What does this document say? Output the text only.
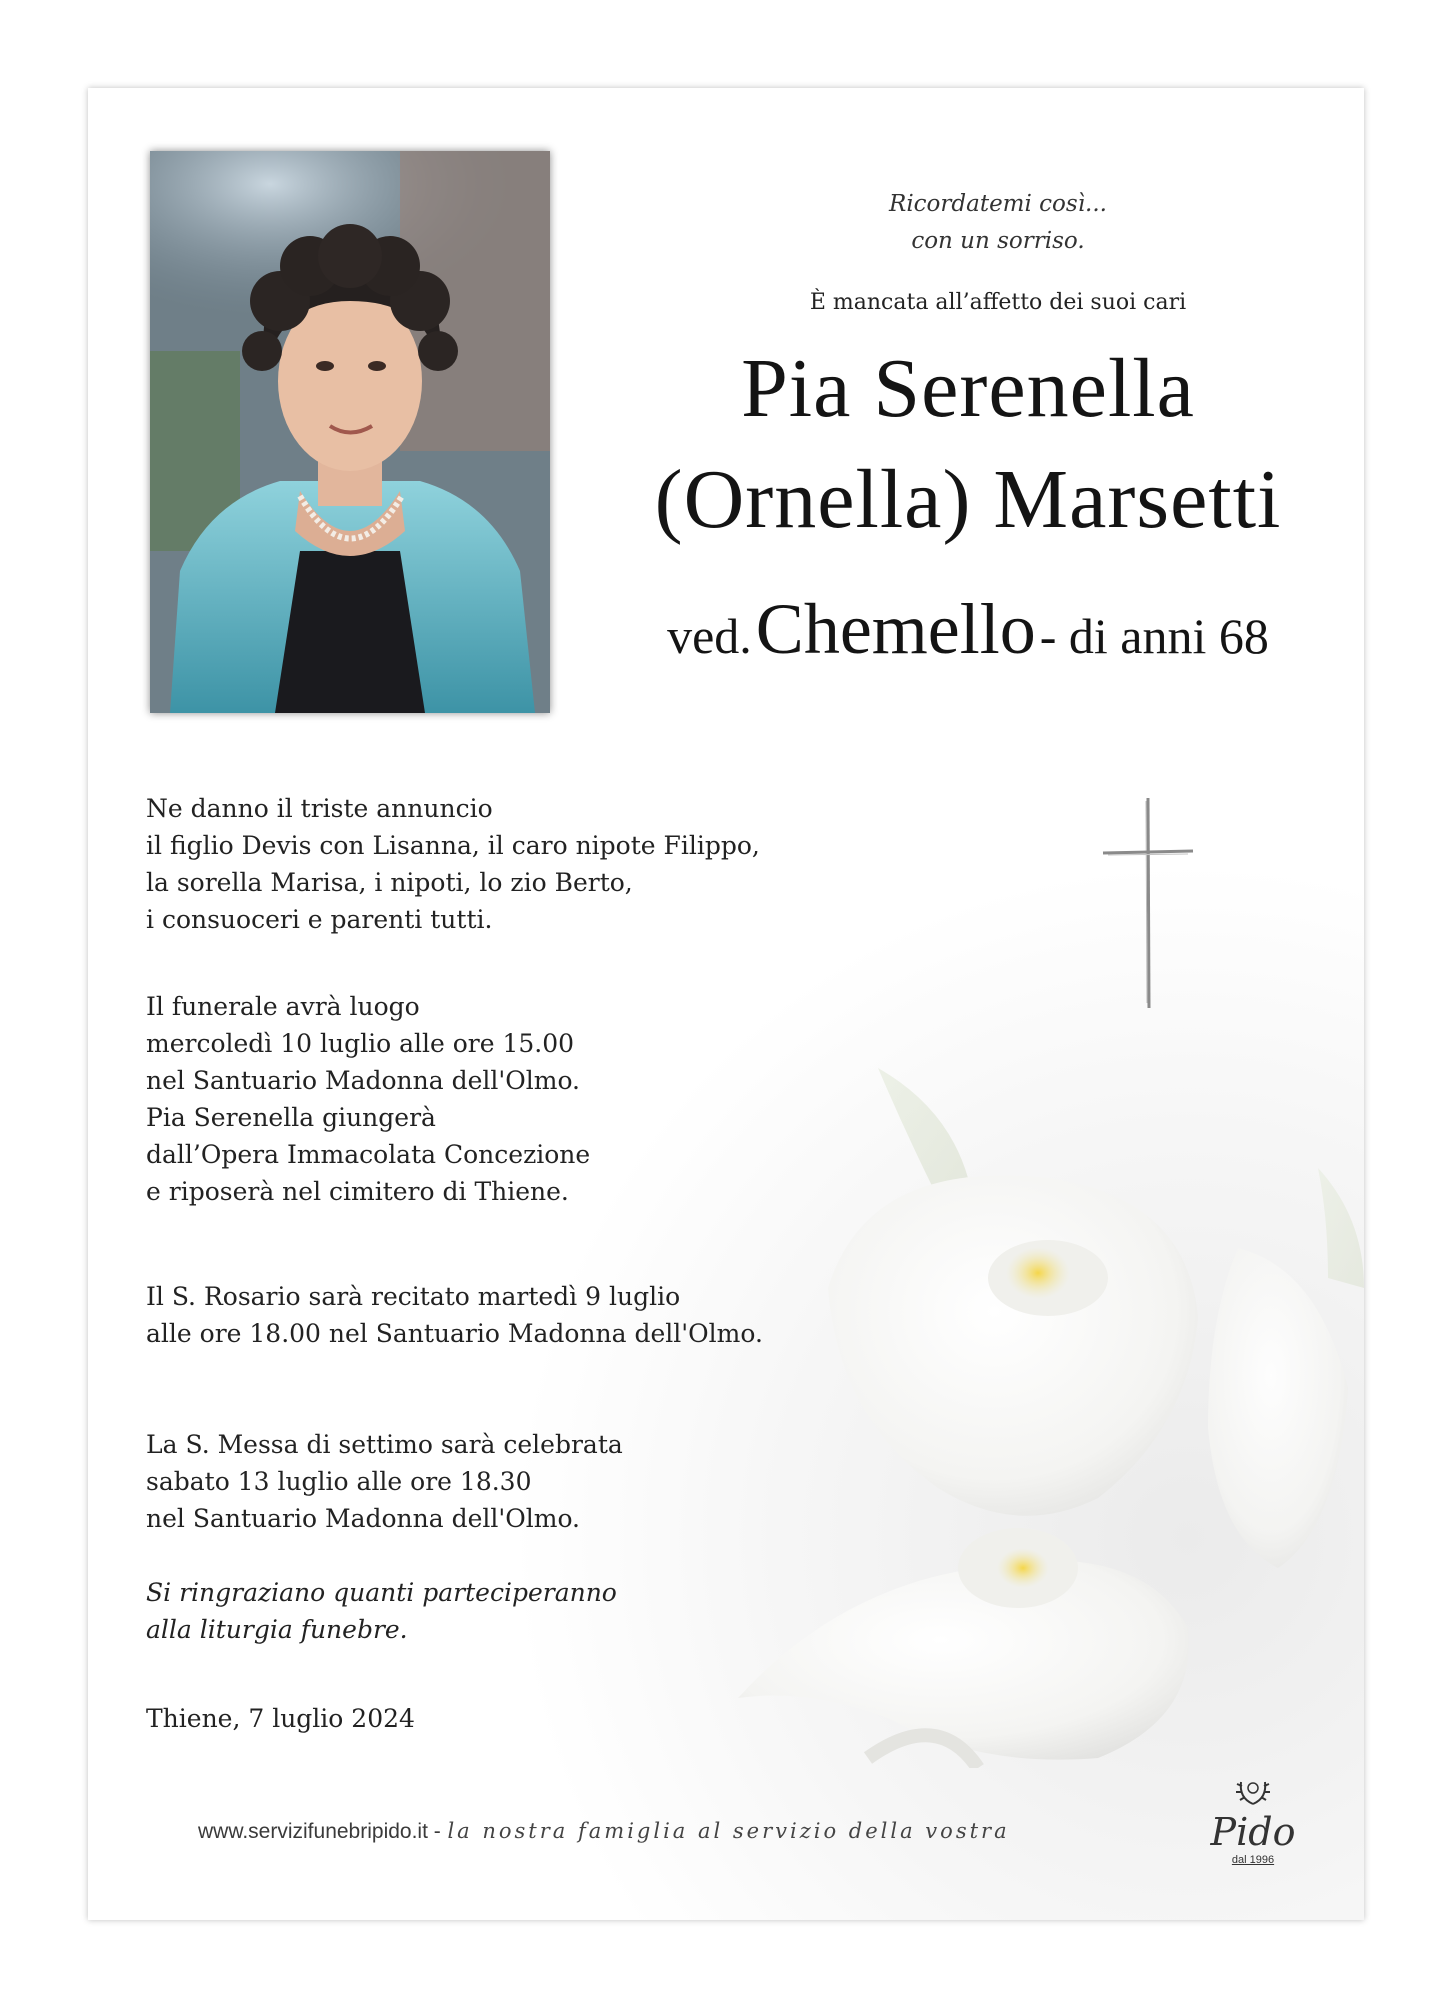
Ricordatemi così...
con un sorriso.
È mancata all’affetto dei suoi cari
Pia Serenella
(Ornella) Marsetti
ved. Chemello - di anni 68
Ne danno il triste annuncio
il figlio Devis con Lisanna, il caro nipote Filippo,
la sorella Marisa, i nipoti, lo zio Berto,
i consuoceri e parenti tutti.
Il funerale avrà luogo
mercoledì 10 luglio alle ore 15.00
nel Santuario Madonna dell'Olmo.
Pia Serenella giungerà
dall’Opera Immacolata Concezione
e riposerà nel cimitero di Thiene.
Il S. Rosario sarà recitato martedì 9 luglio
alle ore 18.00 nel Santuario Madonna dell'Olmo.
La S. Messa di settimo sarà celebrata
sabato 13 luglio alle ore 18.30
nel Santuario Madonna dell'Olmo.
Si ringraziano quanti parteciperanno
alla liturgia funebre.
Thiene, 7 luglio 2024
www.servizifunebripido.it - la nostra famiglia al servizio della vostra	Pido
dal 1996
